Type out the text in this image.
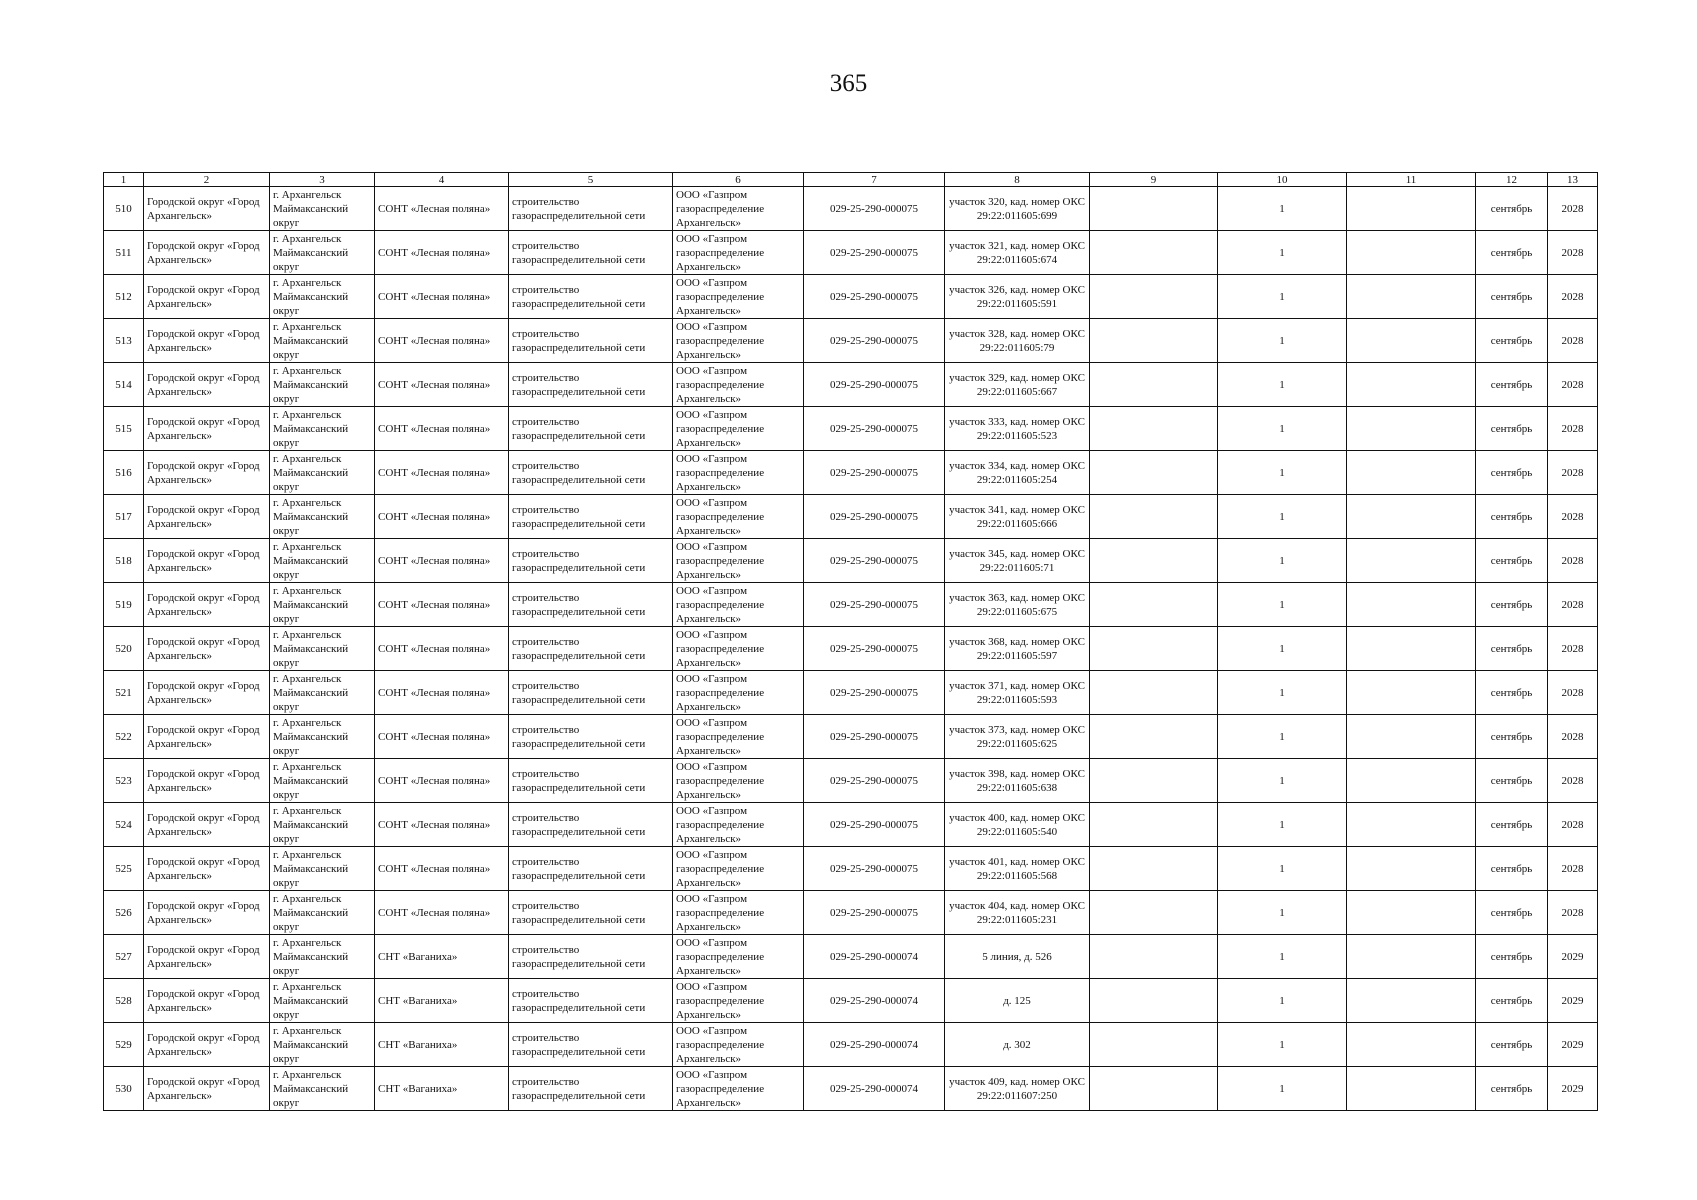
365
1	2	3	4	5	6	7	8	9	10	11	12	13
510	Городской округ «Город Архангельск»	г. Архангельск Маймаксанский округ	СОНТ «Лесная поляна»	строительство газораспределительной сети	ООО «Газпром газораспределение Архангельск»	029-25-290-000075	участок 320, кад. номер ОКС 29:22:011605:699		1		сентябрь	2028
511	Городской округ «Город Архангельск»	г. Архангельск Маймаксанский округ	СОНТ «Лесная поляна»	строительство газораспределительной сети	ООО «Газпром газораспределение Архангельск»	029-25-290-000075	участок 321, кад. номер ОКС 29:22:011605:674		1		сентябрь	2028
512	Городской округ «Город Архангельск»	г. Архангельск Маймаксанский округ	СОНТ «Лесная поляна»	строительство газораспределительной сети	ООО «Газпром газораспределение Архангельск»	029-25-290-000075	участок 326, кад. номер ОКС 29:22:011605:591		1		сентябрь	2028
513	Городской округ «Город Архангельск»	г. Архангельск Маймаксанский округ	СОНТ «Лесная поляна»	строительство газораспределительной сети	ООО «Газпром газораспределение Архангельск»	029-25-290-000075	участок 328, кад. номер ОКС 29:22:011605:79		1		сентябрь	2028
514	Городской округ «Город Архангельск»	г. Архангельск Маймаксанский округ	СОНТ «Лесная поляна»	строительство газораспределительной сети	ООО «Газпром газораспределение Архангельск»	029-25-290-000075	участок 329, кад. номер ОКС 29:22:011605:667		1		сентябрь	2028
515	Городской округ «Город Архангельск»	г. Архангельск Маймаксанский округ	СОНТ «Лесная поляна»	строительство газораспределительной сети	ООО «Газпром газораспределение Архангельск»	029-25-290-000075	участок 333, кад. номер ОКС 29:22:011605:523		1		сентябрь	2028
516	Городской округ «Город Архангельск»	г. Архангельск Маймаксанский округ	СОНТ «Лесная поляна»	строительство газораспределительной сети	ООО «Газпром газораспределение Архангельск»	029-25-290-000075	участок 334, кад. номер ОКС 29:22:011605:254		1		сентябрь	2028
517	Городской округ «Город Архангельск»	г. Архангельск Маймаксанский округ	СОНТ «Лесная поляна»	строительство газораспределительной сети	ООО «Газпром газораспределение Архангельск»	029-25-290-000075	участок 341, кад. номер ОКС 29:22:011605:666		1		сентябрь	2028
518	Городской округ «Город Архангельск»	г. Архангельск Маймаксанский округ	СОНТ «Лесная поляна»	строительство газораспределительной сети	ООО «Газпром газораспределение Архангельск»	029-25-290-000075	участок 345, кад. номер ОКС 29:22:011605:71		1		сентябрь	2028
519	Городской округ «Город Архангельск»	г. Архангельск Маймаксанский округ	СОНТ «Лесная поляна»	строительство газораспределительной сети	ООО «Газпром газораспределение Архангельск»	029-25-290-000075	участок 363, кад. номер ОКС 29:22:011605:675		1		сентябрь	2028
520	Городской округ «Город Архангельск»	г. Архангельск Маймаксанский округ	СОНТ «Лесная поляна»	строительство газораспределительной сети	ООО «Газпром газораспределение Архангельск»	029-25-290-000075	участок 368, кад. номер ОКС 29:22:011605:597		1		сентябрь	2028
521	Городской округ «Город Архангельск»	г. Архангельск Маймаксанский округ	СОНТ «Лесная поляна»	строительство газораспределительной сети	ООО «Газпром газораспределение Архангельск»	029-25-290-000075	участок 371, кад. номер ОКС 29:22:011605:593		1		сентябрь	2028
522	Городской округ «Город Архангельск»	г. Архангельск Маймаксанский округ	СОНТ «Лесная поляна»	строительство газораспределительной сети	ООО «Газпром газораспределение Архангельск»	029-25-290-000075	участок 373, кад. номер ОКС 29:22:011605:625		1		сентябрь	2028
523	Городской округ «Город Архангельск»	г. Архангельск Маймаксанский округ	СОНТ «Лесная поляна»	строительство газораспределительной сети	ООО «Газпром газораспределение Архангельск»	029-25-290-000075	участок 398, кад. номер ОКС 29:22:011605:638		1		сентябрь	2028
524	Городской округ «Город Архангельск»	г. Архангельск Маймаксанский округ	СОНТ «Лесная поляна»	строительство газораспределительной сети	ООО «Газпром газораспределение Архангельск»	029-25-290-000075	участок 400, кад. номер ОКС 29:22:011605:540		1		сентябрь	2028
525	Городской округ «Город Архангельск»	г. Архангельск Маймаксанский округ	СОНТ «Лесная поляна»	строительство газораспределительной сети	ООО «Газпром газораспределение Архангельск»	029-25-290-000075	участок 401, кад. номер ОКС 29:22:011605:568		1		сентябрь	2028
526	Городской округ «Город Архангельск»	г. Архангельск Маймаксанский округ	СОНТ «Лесная поляна»	строительство газораспределительной сети	ООО «Газпром газораспределение Архангельск»	029-25-290-000075	участок 404, кад. номер ОКС 29:22:011605:231		1		сентябрь	2028
527	Городской округ «Город Архангельск»	г. Архангельск Маймаксанский округ	СНТ «Ваганиха»	строительство газораспределительной сети	ООО «Газпром газораспределение Архангельск»	029-25-290-000074	5 линия, д. 526		1		сентябрь	2029
528	Городской округ «Город Архангельск»	г. Архангельск Маймаксанский округ	СНТ «Ваганиха»	строительство газораспределительной сети	ООО «Газпром газораспределение Архангельск»	029-25-290-000074	д. 125		1		сентябрь	2029
529	Городской округ «Город Архангельск»	г. Архангельск Маймаксанский округ	СНТ «Ваганиха»	строительство газораспределительной сети	ООО «Газпром газораспределение Архангельск»	029-25-290-000074	д. 302		1		сентябрь	2029
530	Городской округ «Город Архангельск»	г. Архангельск Маймаксанский округ	СНТ «Ваганиха»	строительство газораспределительной сети	ООО «Газпром газораспределение Архангельск»	029-25-290-000074	участок 409, кад. номер ОКС 29:22:011607:250		1		сентябрь	2029
